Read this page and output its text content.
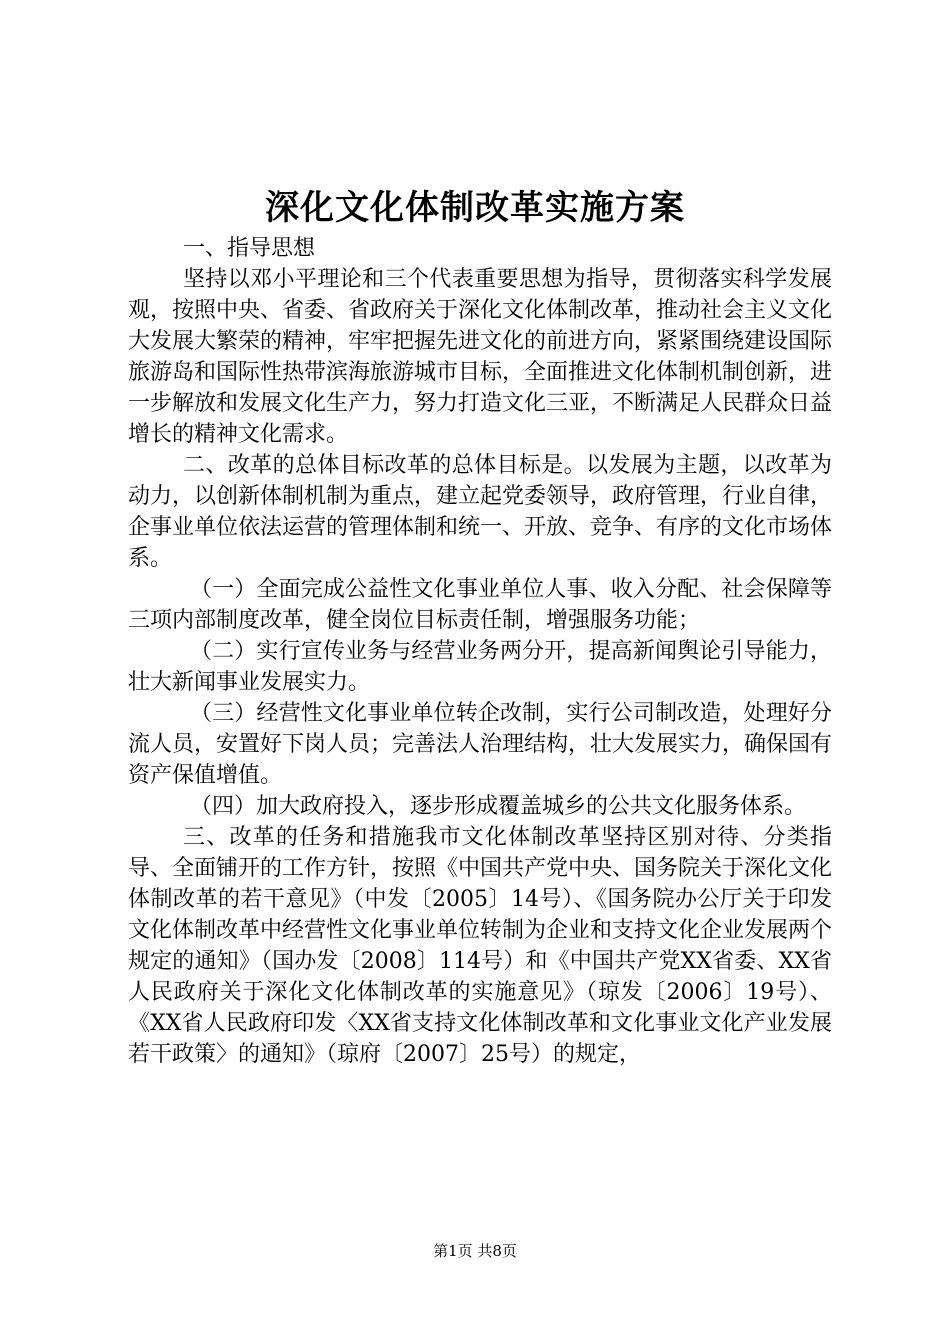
深化文化体制改革实施方案

一、指导思想

坚持以邓小平理论和三个代表重要思想为指导，贯彻落实科学发展观，按照中央、省委、省政府关于深化文化体制改革，推动社会主义文化大发展大繁荣的精神，牢牢把握先进文化的前进方向，紧紧围绕建设国际旅游岛和国际性热带滨海旅游城市目标，全面推进文化体制机制创新，进一步解放和发展文化生产力，努力打造文化三亚，不断满足人民群众日益增长的精神文化需求。

二、改革的总体目标改革的总体目标是。以发展为主题，以改革为动力，以创新体制机制为重点，建立起党委领导，政府管理，行业自律，企事业单位依法运营的管理体制和统一、开放、竞争、有序的文化市场体系。

（一）全面完成公益性文化事业单位人事、收入分配、社会保障等三项内部制度改革，健全岗位目标责任制，增强服务功能；

（二）实行宣传业务与经营业务两分开，提高新闻舆论引导能力，壮大新闻事业发展实力。

（三）经营性文化事业单位转企改制，实行公司制改造，处理好分流人员，安置好下岗人员；完善法人治理结构，壮大发展实力，确保国有资产保值增值。

（四）加大政府投入，逐步形成覆盖城乡的公共文化服务体系。

三、改革的任务和措施我市文化体制改革坚持区别对待、分类指导、全面铺开的工作方针，按照《中国共产党中央、国务院关于深化文化体制改革的若干意见》（中发〔2005〕14号）、《国务院办公厅关于印发文化体制改革中经营性文化事业单位转制为企业和支持文化企业发展两个规定的通知》（国办发〔2008〕114号）和《中国共产党XX省委、XX省人民政府关于深化文化体制改革的实施意见》（琼发〔2006〕19号）、《XX省人民政府印发〈XX省支持文化体制改革和文化事业文化产业发展若干政策〉的通知》（琼府〔2007〕25号）的规定，

第1页 共8页
